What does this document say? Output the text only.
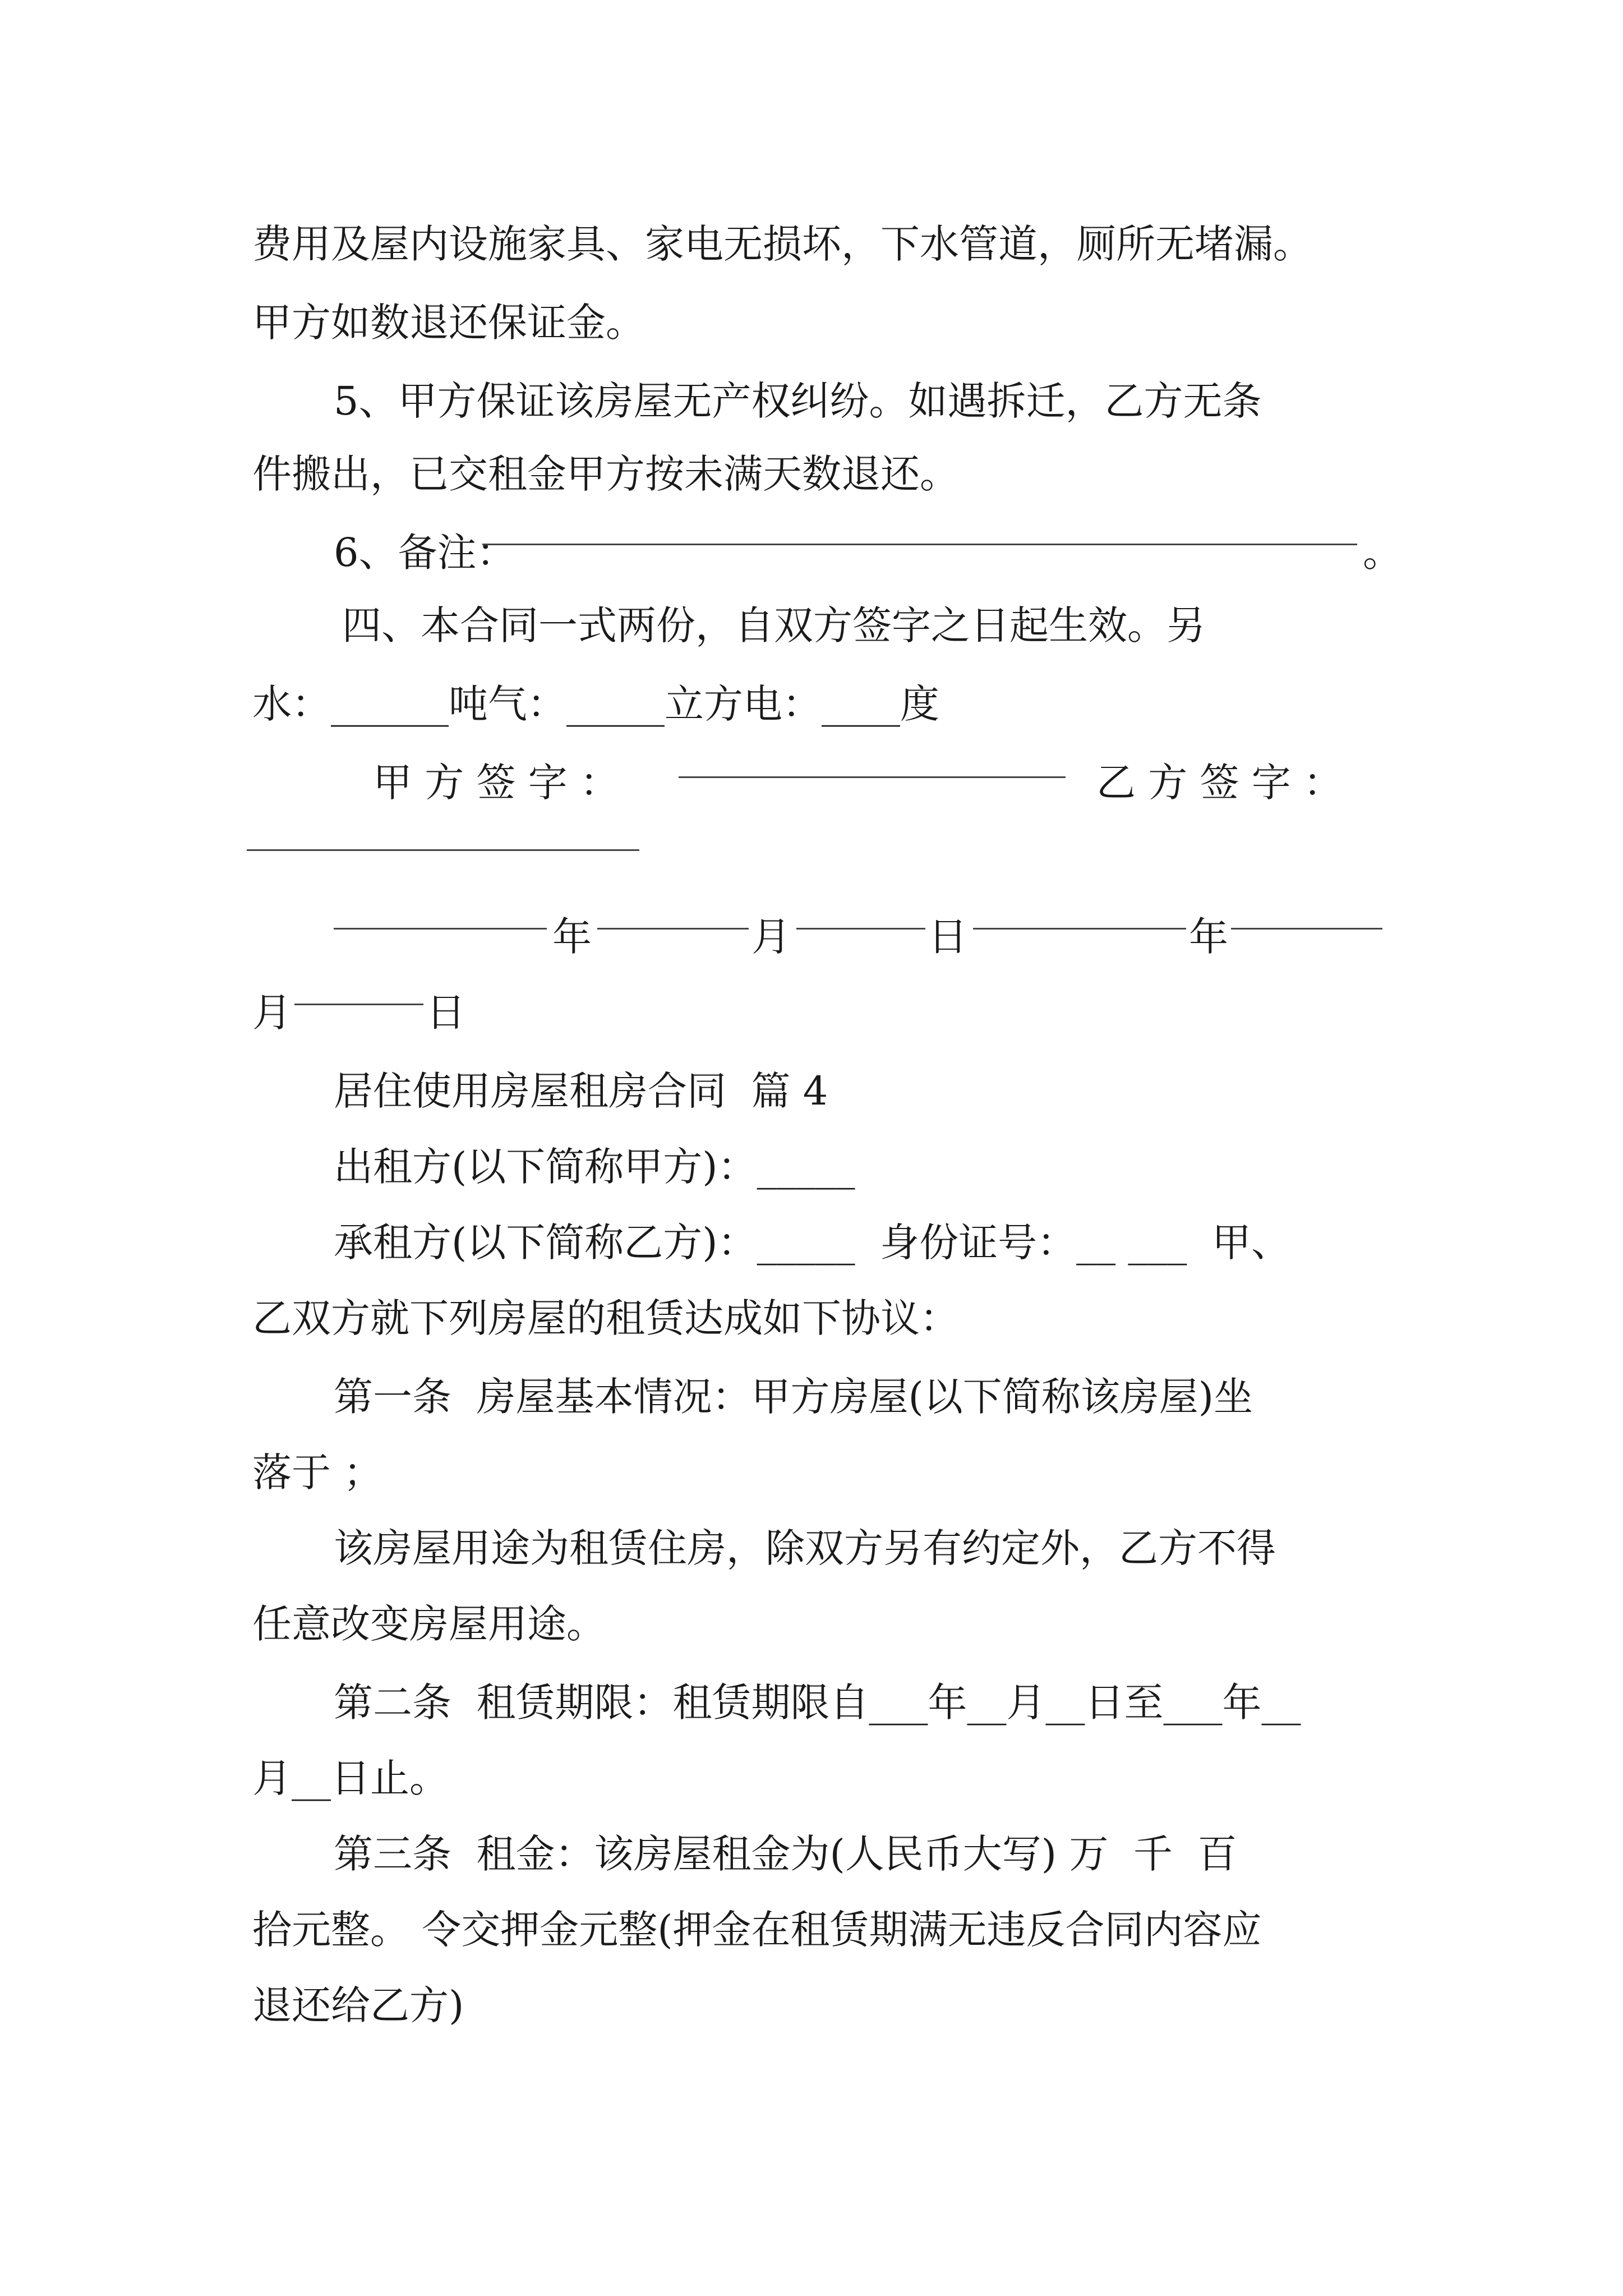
费用及屋内设施家具、家电无损坏，下水管道，厕所无堵漏。
甲方如数退还保证金。
5、甲方保证该房屋无产权纠纷。如遇拆迁，乙方无条
件搬出，已交租金甲方按未满天数退还。
6、备注：	。
四、本合同一式两份，自双方签字之日起生效。另
水：______吨气：_____立方电：____度
甲 方 签 字 ：	乙 方 签 字 ：
年	月	日	年
月	日
居住使用房屋租房合同  篇 4
出租方(以下简称甲方)：_____
承租方(以下简称乙方)：_____  身份证号：__ ___  甲、
乙双方就下列房屋的租赁达成如下协议：
第一条  房屋基本情况：甲方房屋(以下简称该房屋)坐
落于 ；
该房屋用途为租赁住房，除双方另有约定外，乙方不得
任意改变房屋用途。
第二条  租赁期限：租赁期限自___年__月__日至___年__
月__日止。
第三条  租金：该房屋租金为(人民币大写) 万  千  百
拾元整。 令交押金元整(押金在租赁期满无违反合同内容应
退还给乙方)
